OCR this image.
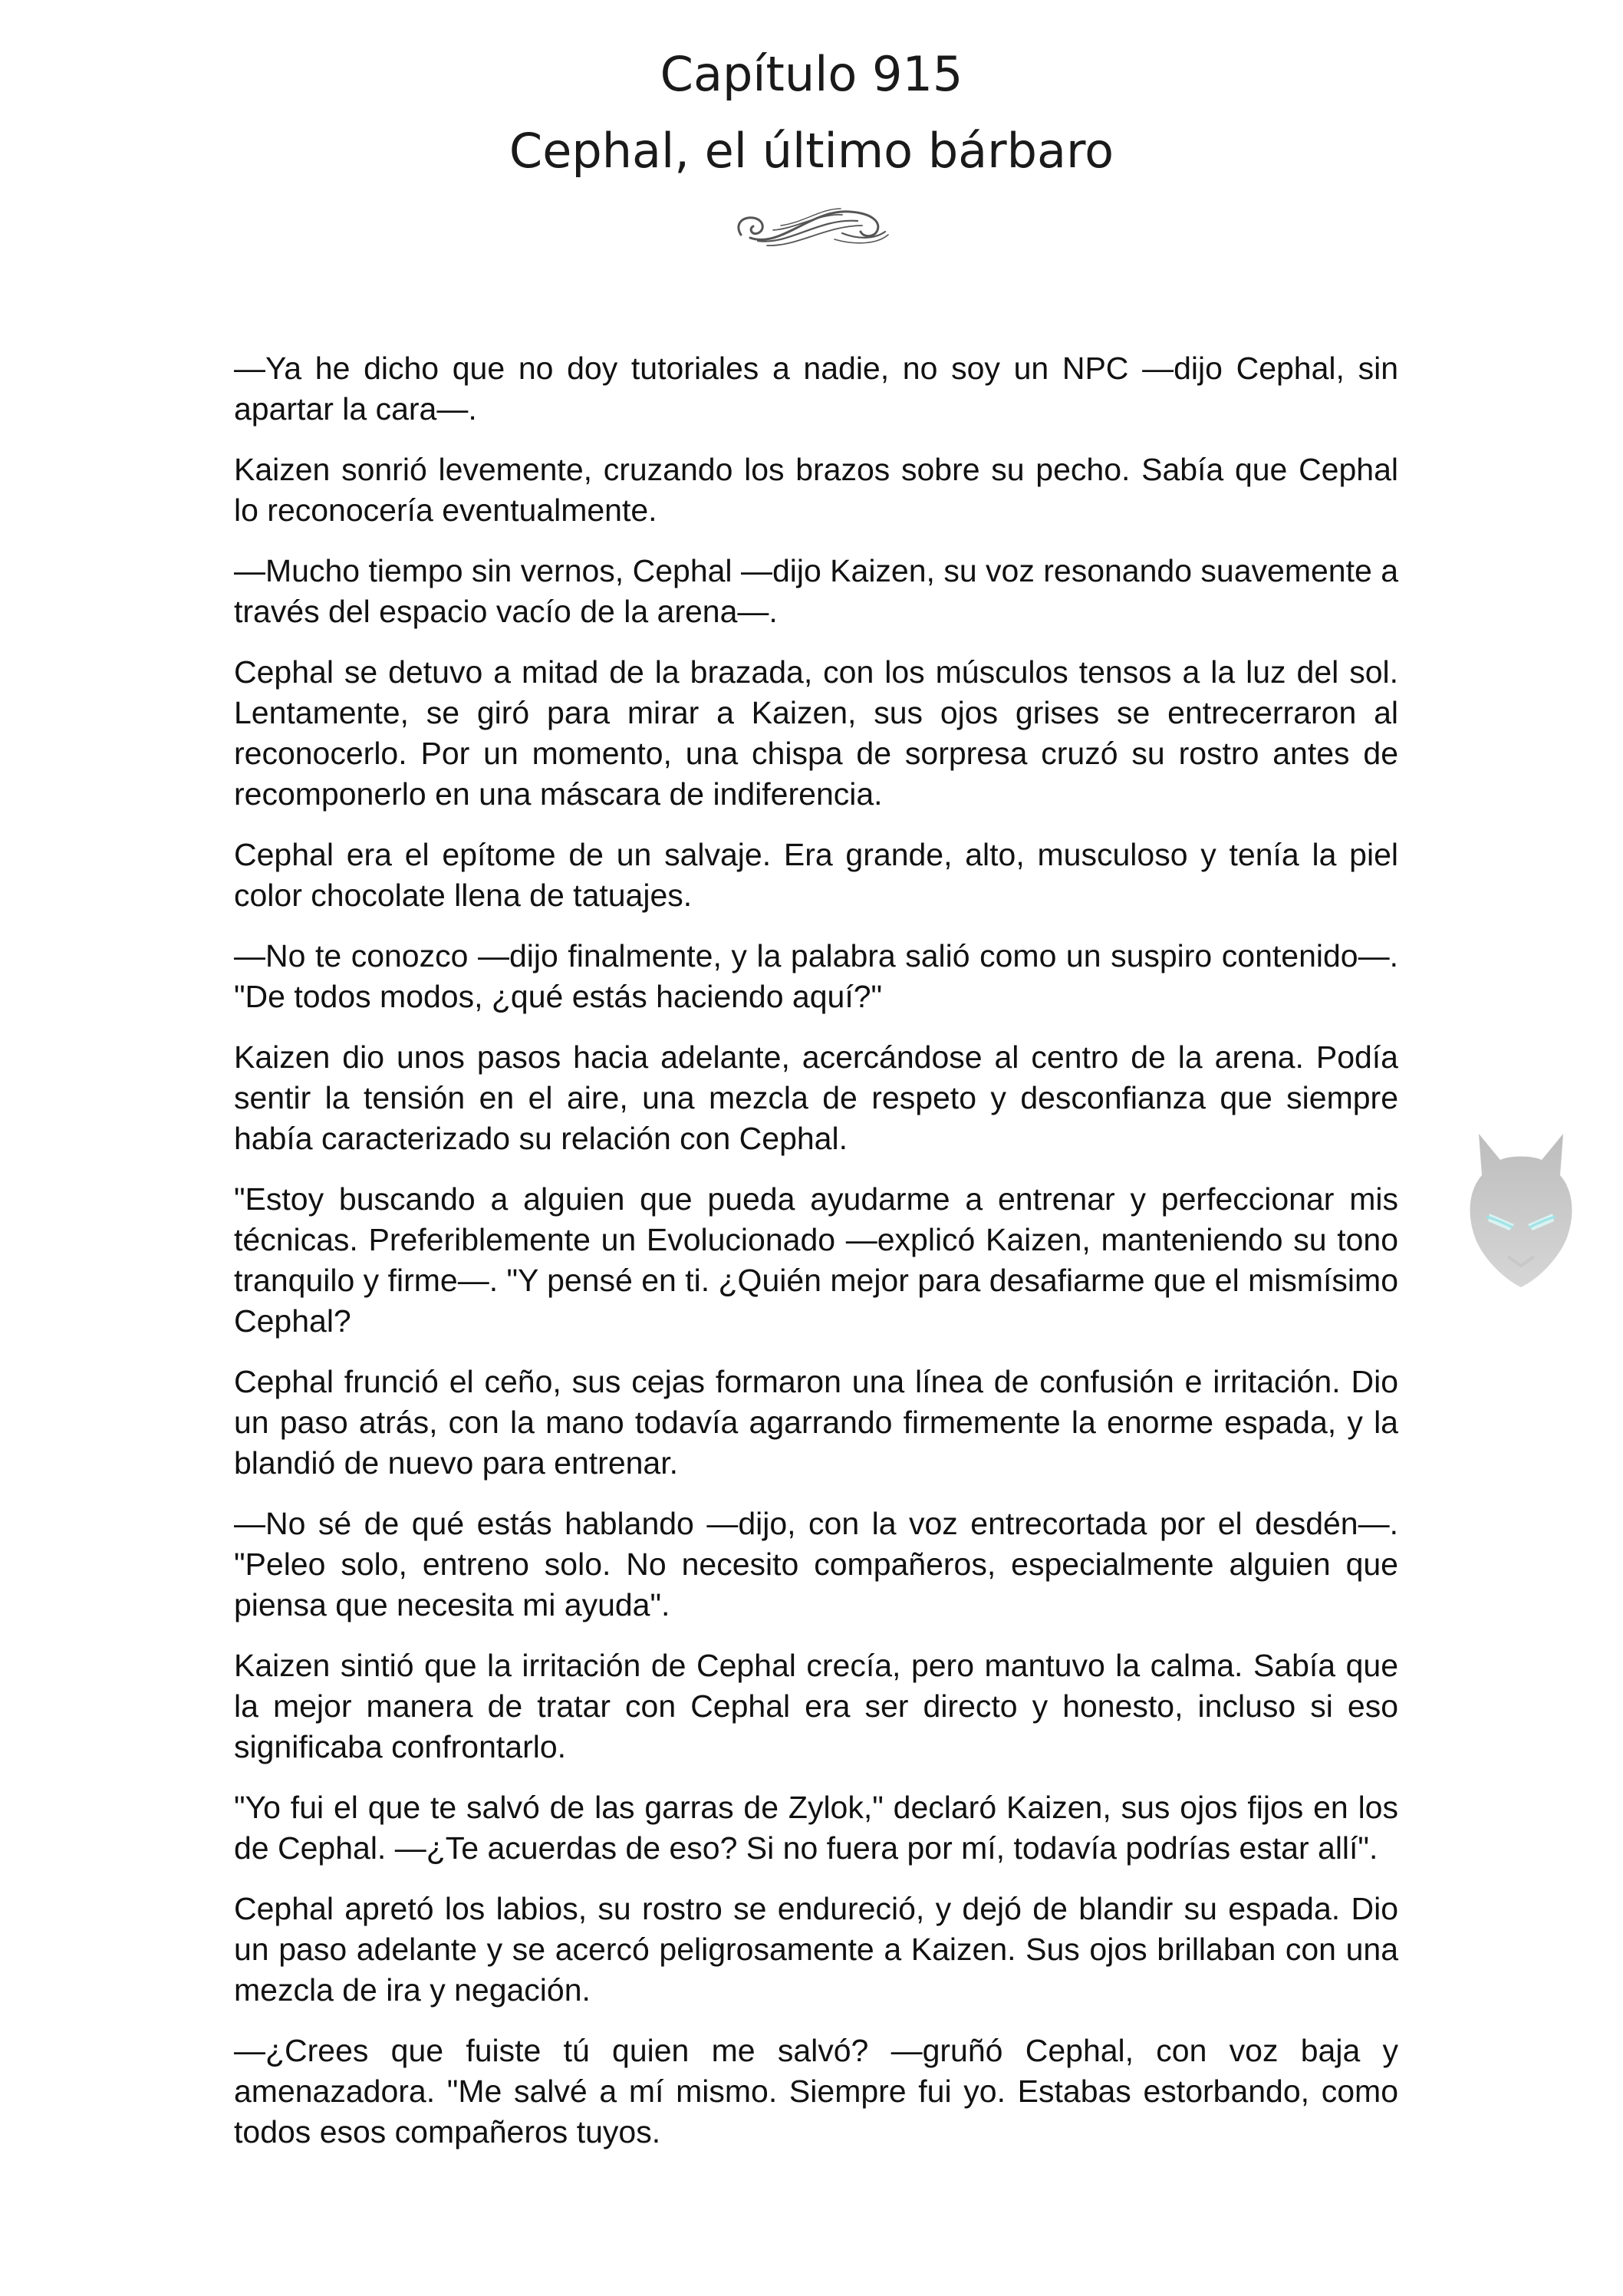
Capítulo 915
Cephal, el último bárbaro

—Ya he dicho que no doy tutoriales a nadie, no soy un NPC —dijo Cephal, sin apartar la cara—.

Kaizen sonrió levemente, cruzando los brazos sobre su pecho. Sabía que Cephal lo reconocería eventualmente.

—Mucho tiempo sin vernos, Cephal —dijo Kaizen, su voz resonando suavemente a través del espacio vacío de la arena—.

Cephal se detuvo a mitad de la brazada, con los músculos tensos a la luz del sol. Lentamente, se giró para mirar a Kaizen, sus ojos grises se entrecerraron al reconocerlo. Por un momento, una chispa de sorpresa cruzó su rostro antes de recomponerlo en una máscara de indiferencia.

Cephal era el epítome de un salvaje. Era grande, alto, musculoso y tenía la piel color chocolate llena de tatuajes.

—No te conozco —dijo finalmente, y la palabra salió como un suspiro contenido—. "De todos modos, ¿qué estás haciendo aquí?"

Kaizen dio unos pasos hacia adelante, acercándose al centro de la arena. Podía sentir la tensión en el aire, una mezcla de respeto y desconfianza que siempre había caracterizado su relación con Cephal.

"Estoy buscando a alguien que pueda ayudarme a entrenar y perfeccionar mis técnicas. Preferiblemente un Evolucionado —explicó Kaizen, manteniendo su tono tranquilo y firme—. "Y pensé en ti. ¿Quién mejor para desafiarme que el mismísimo Cephal?

Cephal frunció el ceño, sus cejas formaron una línea de confusión e irritación. Dio un paso atrás, con la mano todavía agarrando firmemente la enorme espada, y la blandió de nuevo para entrenar.

—No sé de qué estás hablando —dijo, con la voz entrecortada por el desdén—. "Peleo solo, entreno solo. No necesito compañeros, especialmente alguien que piensa que necesita mi ayuda".

Kaizen sintió que la irritación de Cephal crecía, pero mantuvo la calma. Sabía que la mejor manera de tratar con Cephal era ser directo y honesto, incluso si eso significaba confrontarlo.

"Yo fui el que te salvó de las garras de Zylok," declaró Kaizen, sus ojos fijos en los de Cephal. —¿Te acuerdas de eso? Si no fuera por mí, todavía podrías estar allí".

Cephal apretó los labios, su rostro se endureció, y dejó de blandir su espada. Dio un paso adelante y se acercó peligrosamente a Kaizen. Sus ojos brillaban con una mezcla de ira y negación.

—¿Crees que fuiste tú quien me salvó? —gruñó Cephal, con voz baja y amenazadora. "Me salvé a mí mismo. Siempre fui yo. Estabas estorbando, como todos esos compañeros tuyos.
